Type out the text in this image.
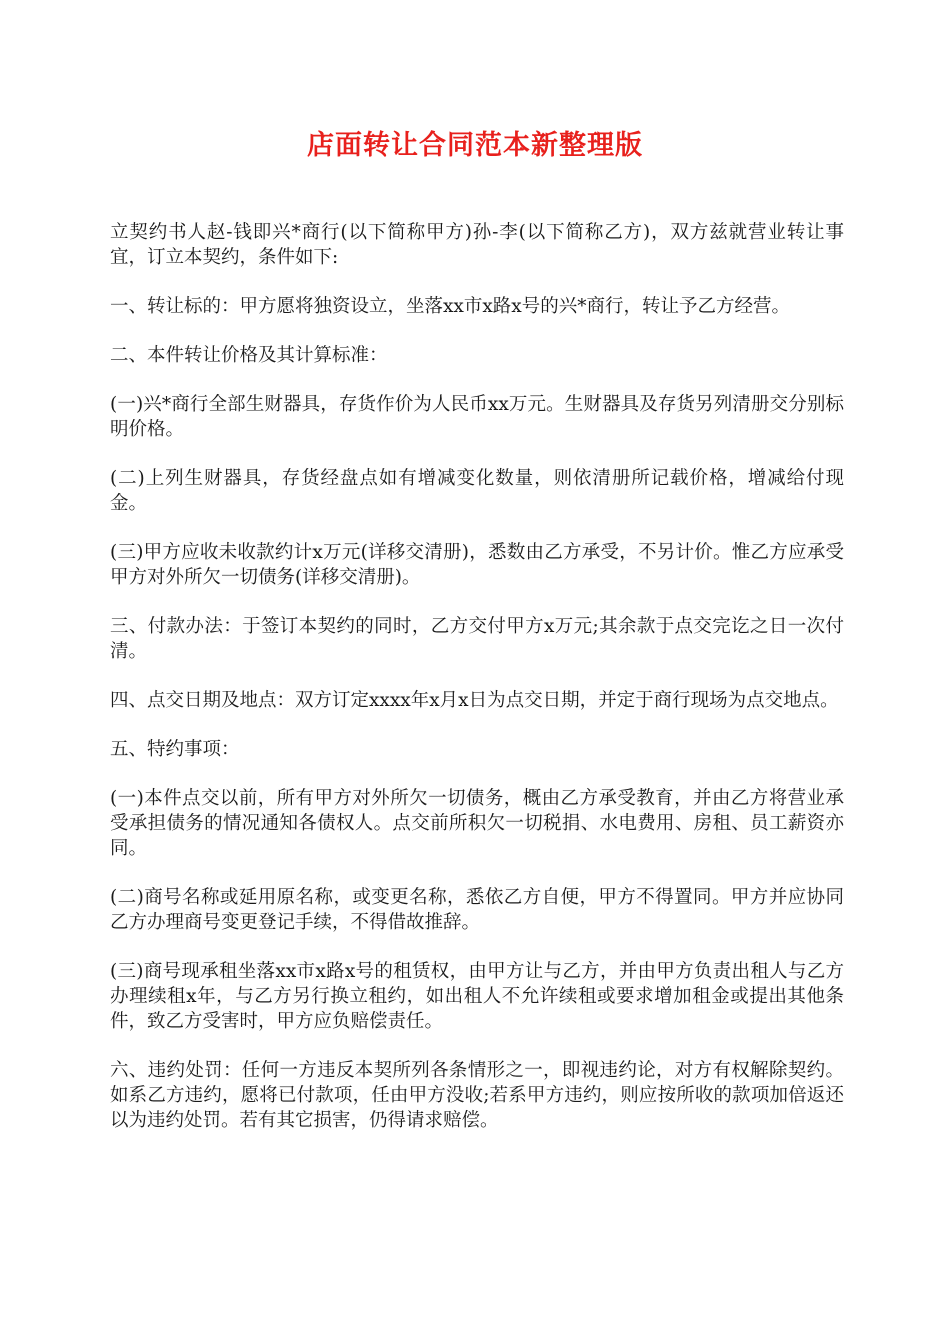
店面转让合同范本新整理版

立契约书人赵-钱即兴*商行(以下简称甲方)孙-李(以下简称乙方)，双方兹就营业转让事宜，订立本契约，条件如下:

一、转让标的：甲方愿将独资设立，坐落xx市x路x号的兴*商行，转让予乙方经营。

二、本件转让价格及其计算标准：

(一)兴*商行全部生财器具，存货作价为人民币xx万元。生财器具及存货另列清册交分别标明价格。

(二)上列生财器具，存货经盘点如有增减变化数量，则依清册所记载价格，增减给付现金。

(三)甲方应收未收款约计x万元(详移交清册)，悉数由乙方承受，不另计价。惟乙方应承受甲方对外所欠一切债务(详移交清册)。

三、付款办法：于签订本契约的同时，乙方交付甲方x万元;其余款于点交完讫之日一次付清。

四、点交日期及地点：双方订定xxxx年x月x日为点交日期，并定于商行现场为点交地点。

五、特约事项：

(一)本件点交以前，所有甲方对外所欠一切债务，概由乙方承受教育，并由乙方将营业承受承担债务的情况通知各债权人。点交前所积欠一切税捐、水电费用、房租、员工薪资亦同。

(二)商号名称或延用原名称，或变更名称，悉依乙方自便，甲方不得置同。甲方并应协同乙方办理商号变更登记手续，不得借故推辞。

(三)商号现承租坐落xx市x路x号的租赁权，由甲方让与乙方，并由甲方负责出租人与乙方办理续租x年，与乙方另行换立租约，如出租人不允许续租或要求增加租金或提出其他条件，致乙方受害时，甲方应负赔偿责任。

六、违约处罚：任何一方违反本契所列各条情形之一，即视违约论，对方有权解除契约。如系乙方违约，愿将已付款项，任由甲方没收;若系甲方违约，则应按所收的款项加倍返还以为违约处罚。若有其它损害，仍得请求赔偿。
